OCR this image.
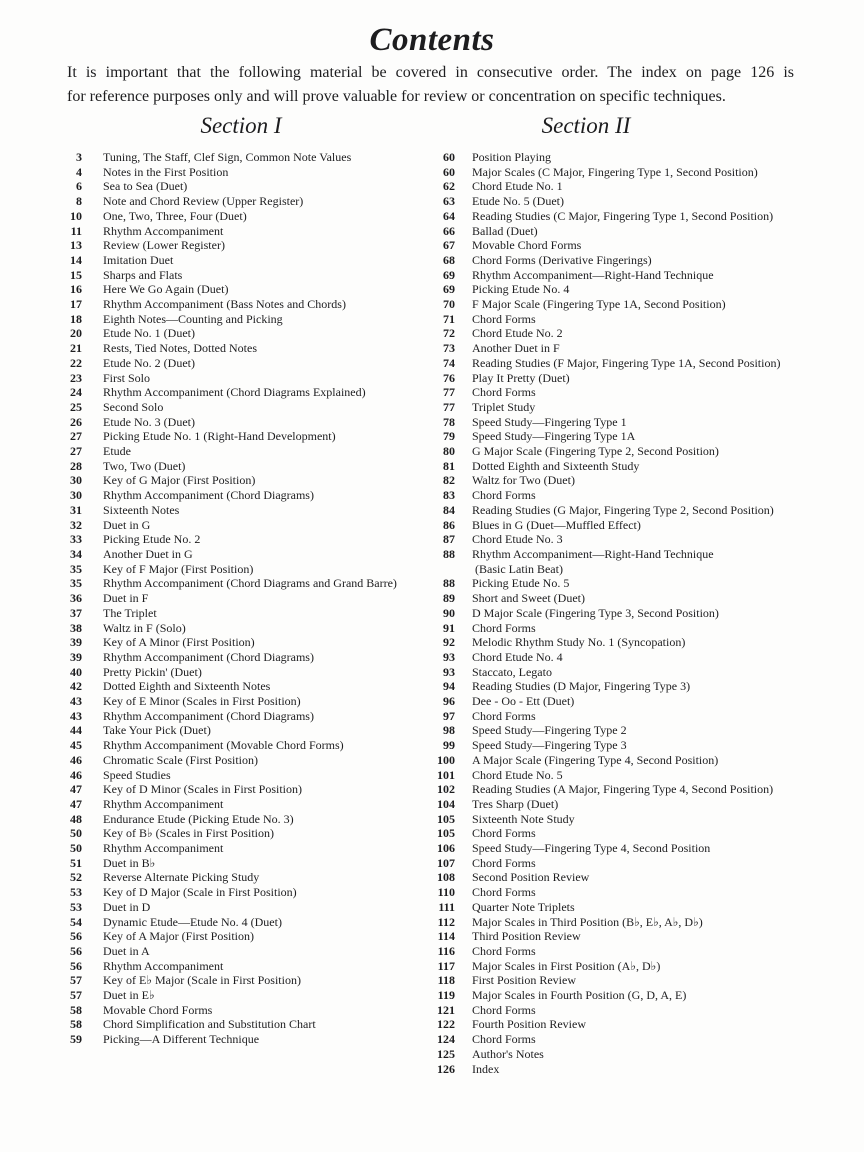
Contents
It is important that the following material be covered in consecutive order. The index on page 126 is
for reference purposes only and will prove valuable for review or concentration on specific techniques.
Section I
3	Tuning, The Staff, Clef Sign, Common Note Values
4	Notes in the First Position
6	Sea to Sea (Duet)
8	Note and Chord Review (Upper Register)
10	One, Two, Three, Four (Duet)
11	Rhythm Accompaniment
13	Review (Lower Register)
14	Imitation Duet
15	Sharps and Flats
16	Here We Go Again (Duet)
17	Rhythm Accompaniment (Bass Notes and Chords)
18	Eighth Notes—Counting and Picking
20	Etude No. 1 (Duet)
21	Rests, Tied Notes, Dotted Notes
22	Etude No. 2 (Duet)
23	First Solo
24	Rhythm Accompaniment (Chord Diagrams Explained)
25	Second Solo
26	Etude No. 3 (Duet)
27	Picking Etude No. 1 (Right-Hand Development)
27	Etude
28	Two, Two (Duet)
30	Key of G Major (First Position)
30	Rhythm Accompaniment (Chord Diagrams)
31	Sixteenth Notes
32	Duet in G
33	Picking Etude No. 2
34	Another Duet in G
35	Key of F Major (First Position)
35	Rhythm Accompaniment (Chord Diagrams and Grand Barre)
36	Duet in F
37	The Triplet
38	Waltz in F (Solo)
39	Key of A Minor (First Position)
39	Rhythm Accompaniment (Chord Diagrams)
40	Pretty Pickin' (Duet)
42	Dotted Eighth and Sixteenth Notes
43	Key of E Minor (Scales in First Position)
43	Rhythm Accompaniment (Chord Diagrams)
44	Take Your Pick (Duet)
45	Rhythm Accompaniment (Movable Chord Forms)
46	Chromatic Scale (First Position)
46	Speed Studies
47	Key of D Minor (Scales in First Position)
47	Rhythm Accompaniment
48	Endurance Etude (Picking Etude No. 3)
50	Key of B♭ (Scales in First Position)
50	Rhythm Accompaniment
51	Duet in B♭
52	Reverse Alternate Picking Study
53	Key of D Major (Scale in First Position)
53	Duet in D
54	Dynamic Etude—Etude No. 4 (Duet)
56	Key of A Major (First Position)
56	Duet in A
56	Rhythm Accompaniment
57	Key of E♭ Major (Scale in First Position)
57	Duet in E♭
58	Movable Chord Forms
58	Chord Simplification and Substitution Chart
59	Picking—A Different Technique
Section II
60	Position Playing
60	Major Scales (C Major, Fingering Type 1, Second Position)
62	Chord Etude No. 1
63	Etude No. 5 (Duet)
64	Reading Studies (C Major, Fingering Type 1, Second Position)
66	Ballad (Duet)
67	Movable Chord Forms
68	Chord Forms (Derivative Fingerings)
69	Rhythm Accompaniment—Right-Hand Technique
69	Picking Etude No. 4
70	F Major Scale (Fingering Type 1A, Second Position)
71	Chord Forms
72	Chord Etude No. 2
73	Another Duet in F
74	Reading Studies (F Major, Fingering Type 1A, Second Position)
76	Play It Pretty (Duet)
77	Chord Forms
77	Triplet Study
78	Speed Study—Fingering Type 1
79	Speed Study—Fingering Type 1A
80	G Major Scale (Fingering Type 2, Second Position)
81	Dotted Eighth and Sixteenth Study
82	Waltz for Two (Duet)
83	Chord Forms
84	Reading Studies (G Major, Fingering Type 2, Second Position)
86	Blues in G (Duet—Muffled Effect)
87	Chord Etude No. 3
88	Rhythm Accompaniment—Right-Hand Technique
(Basic Latin Beat)
88	Picking Etude No. 5
89	Short and Sweet (Duet)
90	D Major Scale (Fingering Type 3, Second Position)
91	Chord Forms
92	Melodic Rhythm Study No. 1 (Syncopation)
93	Chord Etude No. 4
93	Staccato, Legato
94	Reading Studies (D Major, Fingering Type 3)
96	Dee - Oo - Ett (Duet)
97	Chord Forms
98	Speed Study—Fingering Type 2
99	Speed Study—Fingering Type 3
100	A Major Scale (Fingering Type 4, Second Position)
101	Chord Etude No. 5
102	Reading Studies (A Major, Fingering Type 4, Second Position)
104	Tres Sharp (Duet)
105	Sixteenth Note Study
105	Chord Forms
106	Speed Study—Fingering Type 4, Second Position
107	Chord Forms
108	Second Position Review
110	Chord Forms
111	Quarter Note Triplets
112	Major Scales in Third Position (B♭, E♭, A♭, D♭)
114	Third Position Review
116	Chord Forms
117	Major Scales in First Position (A♭, D♭)
118	First Position Review
119	Major Scales in Fourth Position (G, D, A, E)
121	Chord Forms
122	Fourth Position Review
124	Chord Forms
125	Author's Notes
126	Index
